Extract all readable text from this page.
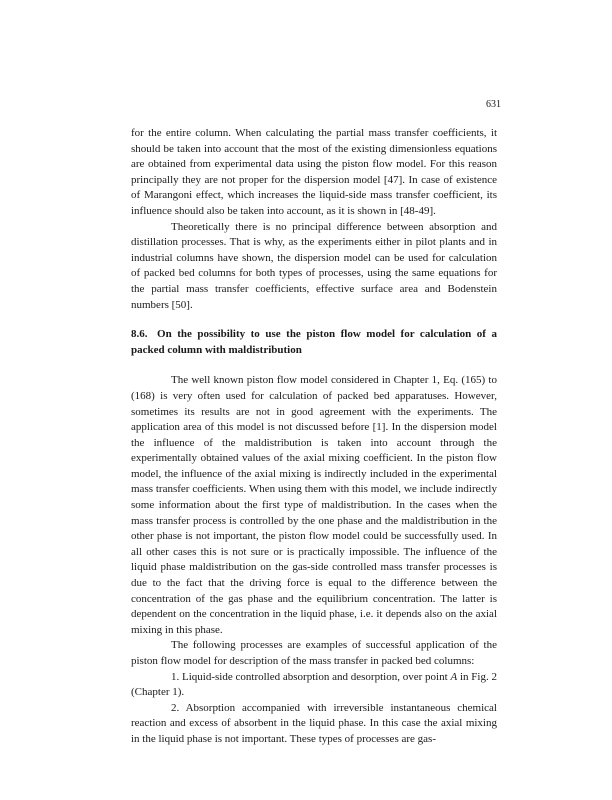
631

for the entire column. When calculating the partial mass transfer coefficients, it should be taken into account that the most of the existing dimensionless equations are obtained from experimental data using the piston flow model. For this reason principally they are not proper for the dispersion model [47]. In case of existence of Marangoni effect, which increases the liquid-side mass transfer coefficient, its influence should also be taken into account, as it is shown in [48-49].

Theoretically there is no principal difference between absorption and distillation processes. That is why, as the experiments either in pilot plants and in industrial columns have shown, the dispersion model can be used for calculation of packed bed columns for both types of processes, using the same equations for the partial mass transfer coefficients, effective surface area and Bodenstein numbers [50].

8.6. On the possibility to use the piston flow model for calculation of a packed column with maldistribution

The well known piston flow model considered in Chapter 1, Eq. (165) to (168) is very often used for calculation of packed bed apparatuses. However, sometimes its results are not in good agreement with the experiments. The application area of this model is not discussed before [1]. In the dispersion model the influence of the maldistribution is taken into account through the experimentally obtained values of the axial mixing coefficient. In the piston flow model, the influence of the axial mixing is indirectly included in the experimental mass transfer coefficients. When using them with this model, we include indirectly some information about the first type of maldistribution. In the cases when the mass transfer process is controlled by the one phase and the maldistribution in the other phase is not important, the piston flow model could be successfully used. In all other cases this is not sure or is practically impossible. The influence of the liquid phase maldistribution on the gas-side controlled mass transfer processes is due to the fact that the driving force is equal to the difference between the concentration of the gas phase and the equilibrium concentration. The latter is dependent on the concentration in the liquid phase, i.e. it depends also on the axial mixing in this phase.

The following processes are examples of successful application of the piston flow model for description of the mass transfer in packed bed columns:

1. Liquid-side controlled absorption and desorption, over point A in Fig. 2 (Chapter 1).

2. Absorption accompanied with irreversible instantaneous chemical reaction and excess of absorbent in the liquid phase. In this case the axial mixing in the liquid phase is not important. These types of processes are gas-
